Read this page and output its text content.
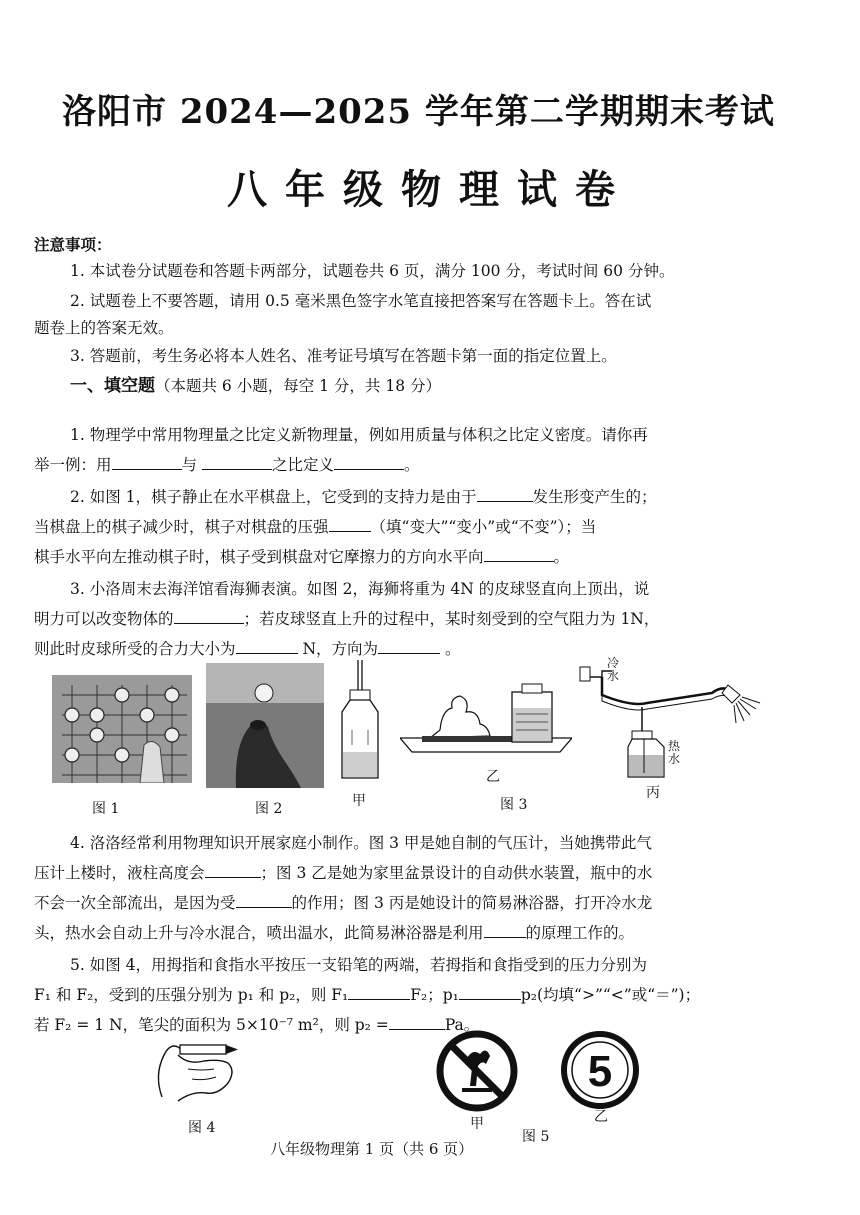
洛阳市 2024—2025 学年第二学期期末考试
八年级物理试卷
注意事项：
1. 本试卷分试题卷和答题卡两部分，试题卷共 6 页，满分 100 分，考试时间 60 分钟。
2. 试题卷上不要答题，请用 0.5 毫米黑色签字水笔直接把答案写在答题卡上。答在试
题卷上的答案无效。
3. 答题前，考生务必将本人姓名、准考证号填写在答题卡第一面的指定位置上。
一、填空题（本题共 6 小题，每空 1 分，共 18 分）
1. 物理学中常用物理量之比定义新物理量，例如用质量与体积之比定义密度。请你再
举一例：用	与	之比定义	。
2. 如图 1，棋子静止在水平棋盘上，它受到的支持力是由于	发生形变产生的；
当棋盘上的棋子减少时，棋子对棋盘的压强	（填“变大”“变小”或“不变”）；当
棋手水平向左推动棋子时，棋子受到棋盘对它摩擦力的方向水平向	。
3. 小洛周末去海洋馆看海狮表演。如图 2，海狮将重为 4N 的皮球竖直向上顶出，说
明力可以改变物体的	；若皮球竖直上升的过程中，某时刻受到的空气阻力为 1N，
则此时皮球所受的合力大小为	N，方向为	。
图 1	图 2	甲
乙
图 3
冷水
热水
丙
4. 洛洛经常利用物理知识开展家庭小制作。图 3 甲是她自制的气压计，当她携带此气
压计上楼时，液柱高度会	；图 3 乙是她为家里盆景设计的自动供水装置，瓶中的水
不会一次全部流出，是因为受	的作用；图 3 丙是她设计的简易淋浴器，打开冷水龙
头，热水会自动上升与冷水混合，喷出温水，此简易淋浴器是利用	的原理工作的。
5. 如图 4，用拇指和食指水平按压一支铅笔的两端，若拇指和食指受到的压力分别为
F₁ 和 F₂，受到的压强分别为 p₁ 和 p₂，则 F₁	F₂；p₁	p₂(均填“>”“<”或“＝”)；
若 F₂ = 1 N，笔尖的面积为 5×10⁻⁷ m²，则 p₂ =	Pa。
图 4	甲
5
乙
图 5
八年级物理第 1 页（共 6 页）
